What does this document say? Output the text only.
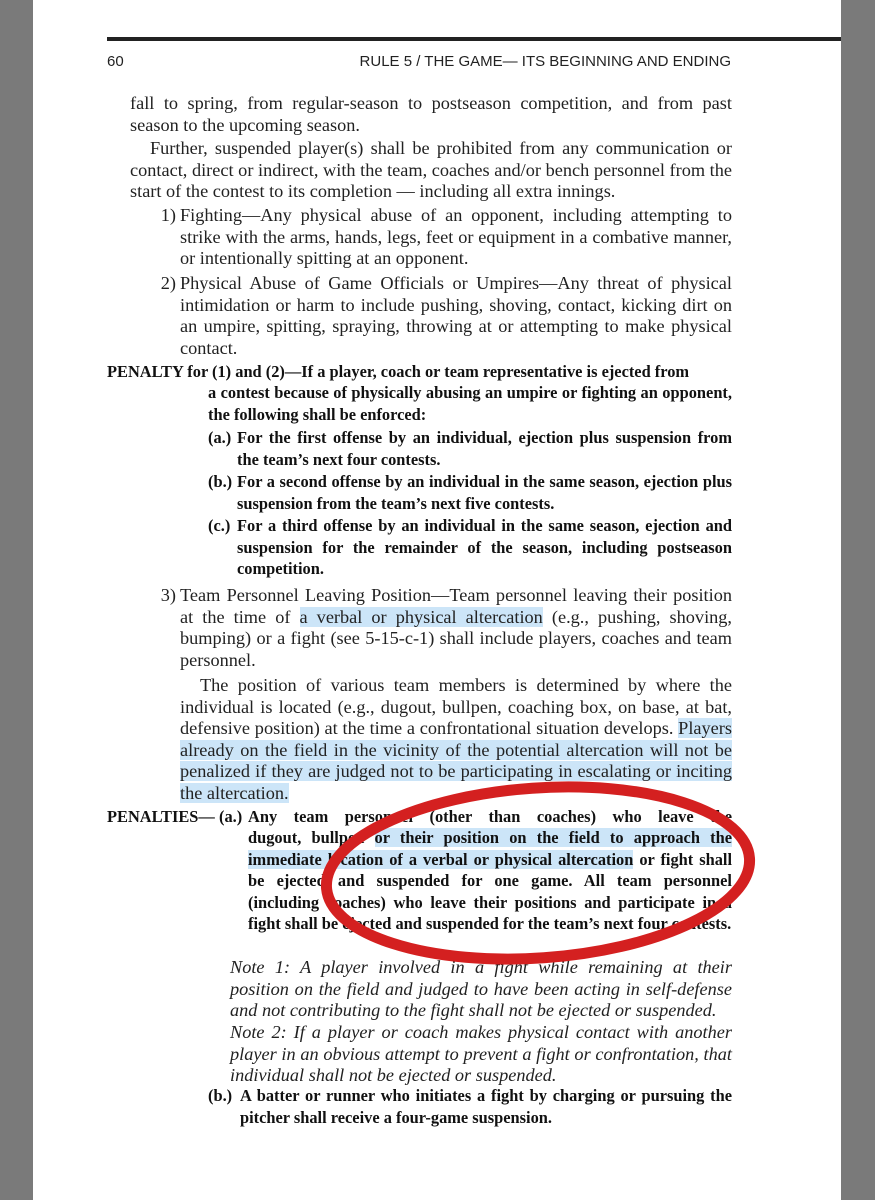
60	RULE 5 / THE GAME— ITS BEGINNING AND ENDING
fall to spring, from regular-season to postseason competition, and from past season to the upcoming season.
Further, suspended player(s) shall be prohibited from any communication or contact, direct or indirect, with the team, coaches and/or bench personnel from the start of the contest to its completion — including all extra innings.
1) Fighting—Any physical abuse of an opponent, including attempting to strike with the arms, hands, legs, feet or equipment in a combative manner, or intentionally spitting at an opponent.
2) Physical Abuse of Game Officials or Umpires—Any threat of physical intimidation or harm to include pushing, shoving, contact, kicking dirt on an umpire, spitting, spraying, throwing at or attempting to make physical contact.
PENALTY for (1) and (2)—If a player, coach or team representative is ejected from
a contest because of physically abusing an umpire or fighting an opponent, the following shall be enforced:
(a.) For the first offense by an individual, ejection plus suspension from the team’s next four contests.
(b.) For a second offense by an individual in the same season, ejection plus suspension from the team’s next five contests.
(c.) For a third offense by an individual in the same season, ejection and suspension for the remainder of the season, including postseason competition.
3) Team Personnel Leaving Position—Team personnel leaving their position at the time of a verbal or physical altercation (e.g., pushing, shoving, bumping) or a fight (see 5-15-c-1) shall include players, coaches and team personnel.
The position of various team members is determined by where the individual is located (e.g., dugout, bullpen, coaching box, on base, at bat, defensive position) at the time a confrontational situation develops. Players already on the field in the vicinity of the potential altercation will not be penalized if they are judged not to be participating in escalating or inciting the altercation.
PENALTIES— (a.) Any team personnel (other than coaches) who leave the
dugout, bullpen or their position on the field to approach the immediate location of a verbal or physical altercation or fight shall be ejected and suspended for one game. All team personnel (including coaches) who leave their positions and participate in a fight shall be ejected and suspended for the team’s next four contests.
Note 1: A player involved in a fight while remaining at their position on the field and judged to have been acting in self-defense and not contributing to the fight shall not be ejected or suspended.
Note 2: If a player or coach makes physical contact with another player in an obvious attempt to prevent a fight or confrontation, that individual shall not be ejected or suspended.
(b.) A batter or runner who initiates a fight by charging or pursuing the pitcher shall receive a four-game suspension.
